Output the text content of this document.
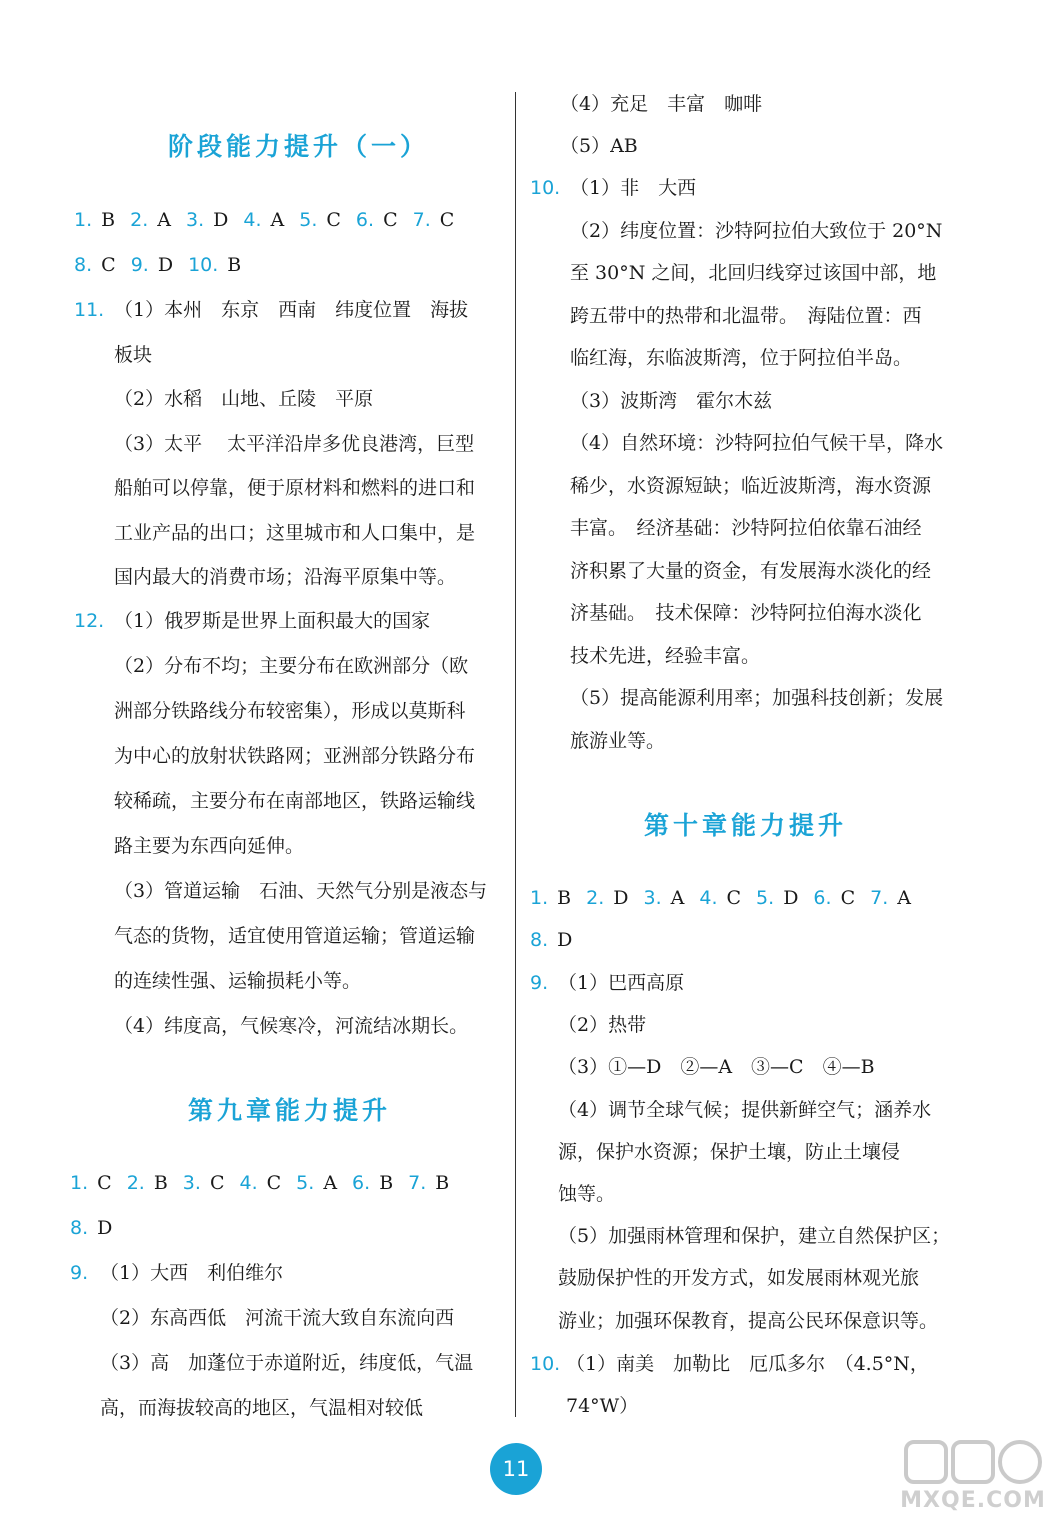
阶段能力提升（一）
1. B 2. A 3. D 4. A 5. C 6. C 7. C
8. C 9. D 10. B
11. （1）本州　东京　西南　纬度位置　海拔
板块
（2）水稻　山地、丘陵　平原
（3）太平　 太平洋沿岸多优良港湾，巨型
船舶可以停靠，便于原材料和燃料的进口和
工业产品的出口；这里城市和人口集中，是
国内最大的消费市场；沿海平原集中等。
12. （1）俄罗斯是世界上面积最大的国家
（2）分布不均；主要分布在欧洲部分（欧
洲部分铁路线分布较密集），形成以莫斯科
为中心的放射状铁路网；亚洲部分铁路分布
较稀疏，主要分布在南部地区，铁路运输线
路主要为东西向延伸。
（3）管道运输　石油、天然气分别是液态与
气态的货物，适宜使用管道运输；管道运输
的连续性强、运输损耗小等。
（4）纬度高，气候寒冷，河流结冰期长。
第九章能力提升
1. C 2. B 3. C 4. C 5. A 6. B 7. B
8. D
9. （1）大西　利伯维尔
（2）东高西低　河流干流大致自东流向西
（3）高　加蓬位于赤道附近，纬度低，气温
高，而海拔较高的地区，气温相对较低
（4）充足　丰富　咖啡
（5）AB
10. （1）非　大西
（2）纬度位置：沙特阿拉伯大致位于 20°N
至 30°N 之间，北回归线穿过该国中部，地
跨五带中的热带和北温带。　海陆位置：西
临红海，东临波斯湾，位于阿拉伯半岛。
（3）波斯湾　霍尔木兹
（4）自然环境：沙特阿拉伯气候干旱，降水
稀少，水资源短缺；临近波斯湾，海水资源
丰富。　经济基础：沙特阿拉伯依靠石油经
济积累了大量的资金，有发展海水淡化的经
济基础。　技术保障：沙特阿拉伯海水淡化
技术先进，经验丰富。
（5）提高能源利用率；加强科技创新；发展
旅游业等。
第十章能力提升
1. B 2. D 3. A 4. C 5. D 6. C 7. A
8. D
9. （1）巴西高原
（2）热带
（3）①—D　②—A　③—C　④—B
（4）调节全球气候；提供新鲜空气；涵养水
源，保护水资源；保护土壤，防止土壤侵
蚀等。
（5）加强雨林管理和保护，建立自然保护区；
鼓励保护性的开发方式，如发展雨林观光旅
游业；加强环保教育，提高公民环保意识等。
10. （1）南美　加勒比　厄瓜多尔　（4.5°N，
74°W）
11
MXQE.COM
